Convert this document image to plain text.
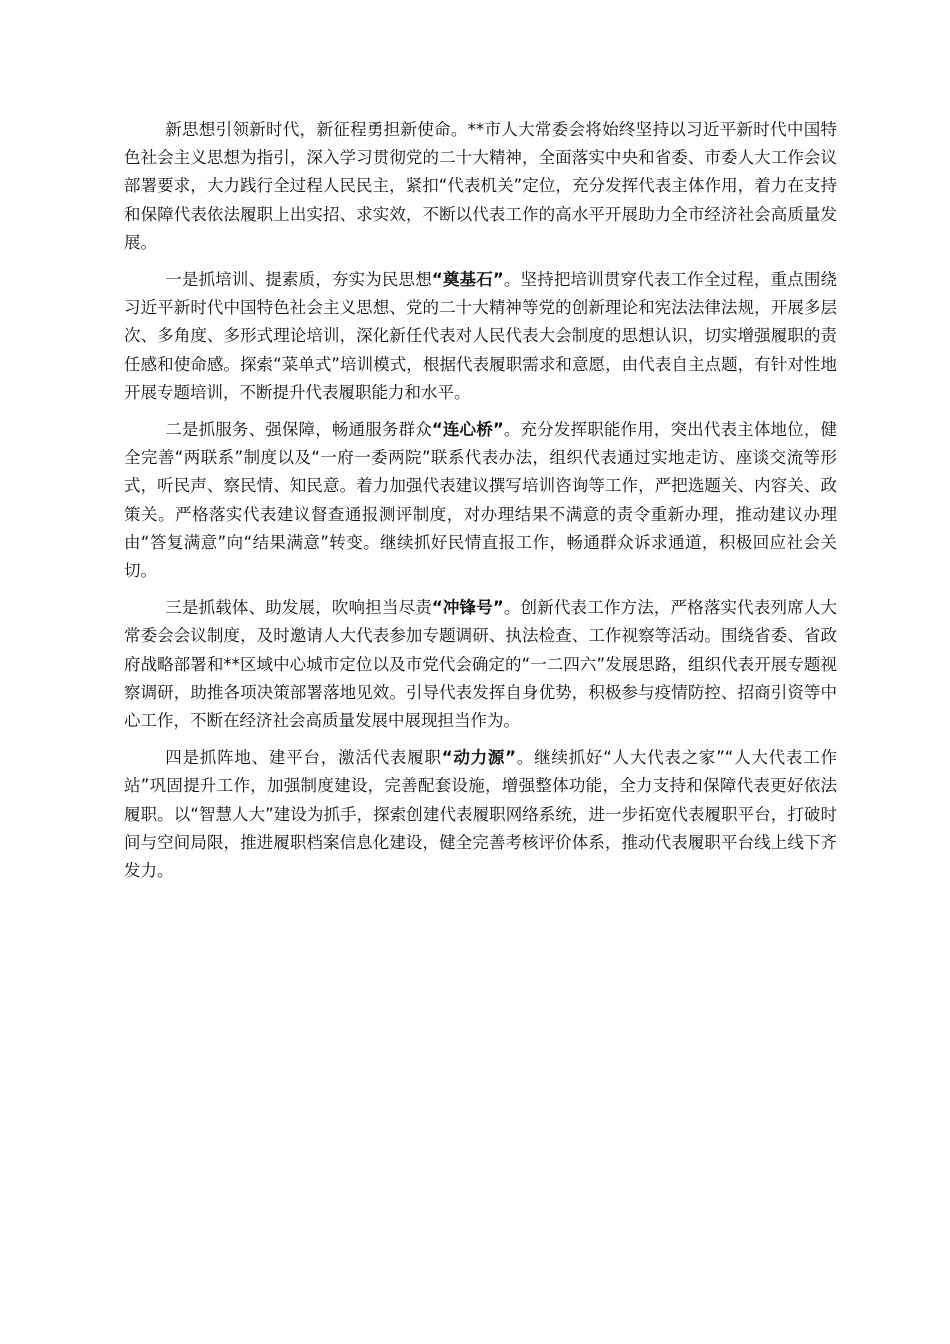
新思想引领新时代，新征程勇担新使命。**市人大常委会将始终坚持以习近平新时代中国特色社会主义思想为指引，深入学习贯彻党的二十大精神，全面落实中央和省委、市委人大工作会议部署要求，大力践行全过程人民民主，紧扣“代表机关”定位，充分发挥代表主体作用，着力在支持和保障代表依法履职上出实招、求实效，不断以代表工作的高水平开展助力全市经济社会高质量发展。

一是抓培训、提素质，夯实为民思想“奠基石”。坚持把培训贯穿代表工作全过程，重点围绕习近平新时代中国特色社会主义思想、党的二十大精神等党的创新理论和宪法法律法规，开展多层次、多角度、多形式理论培训，深化新任代表对人民代表大会制度的思想认识，切实增强履职的责任感和使命感。探索“菜单式”培训模式，根据代表履职需求和意愿，由代表自主点题，有针对性地开展专题培训，不断提升代表履职能力和水平。

二是抓服务、强保障，畅通服务群众“连心桥”。充分发挥职能作用，突出代表主体地位，健全完善“两联系”制度以及“一府一委两院”联系代表办法，组织代表通过实地走访、座谈交流等形式，听民声、察民情、知民意。着力加强代表建议撰写培训咨询等工作，严把选题关、内容关、政策关。严格落实代表建议督查通报测评制度，对办理结果不满意的责令重新办理，推动建议办理由“答复满意”向“结果满意”转变。继续抓好民情直报工作，畅通群众诉求通道，积极回应社会关切。

三是抓载体、助发展，吹响担当尽责“冲锋号”。创新代表工作方法，严格落实代表列席人大常委会会议制度，及时邀请人大代表参加专题调研、执法检查、工作视察等活动。围绕省委、省政府战略部署和**区域中心城市定位以及市党代会确定的“一二四六”发展思路，组织代表开展专题视察调研，助推各项决策部署落地见效。引导代表发挥自身优势，积极参与疫情防控、招商引资等中心工作，不断在经济社会高质量发展中展现担当作为。

四是抓阵地、建平台，激活代表履职“动力源”。继续抓好“人大代表之家”“人大代表工作站”巩固提升工作，加强制度建设，完善配套设施，增强整体功能，全力支持和保障代表更好依法履职。以“智慧人大”建设为抓手，探索创建代表履职网络系统，进一步拓宽代表履职平台，打破时间与空间局限，推进履职档案信息化建设，健全完善考核评价体系，推动代表履职平台线上线下齐发力。
